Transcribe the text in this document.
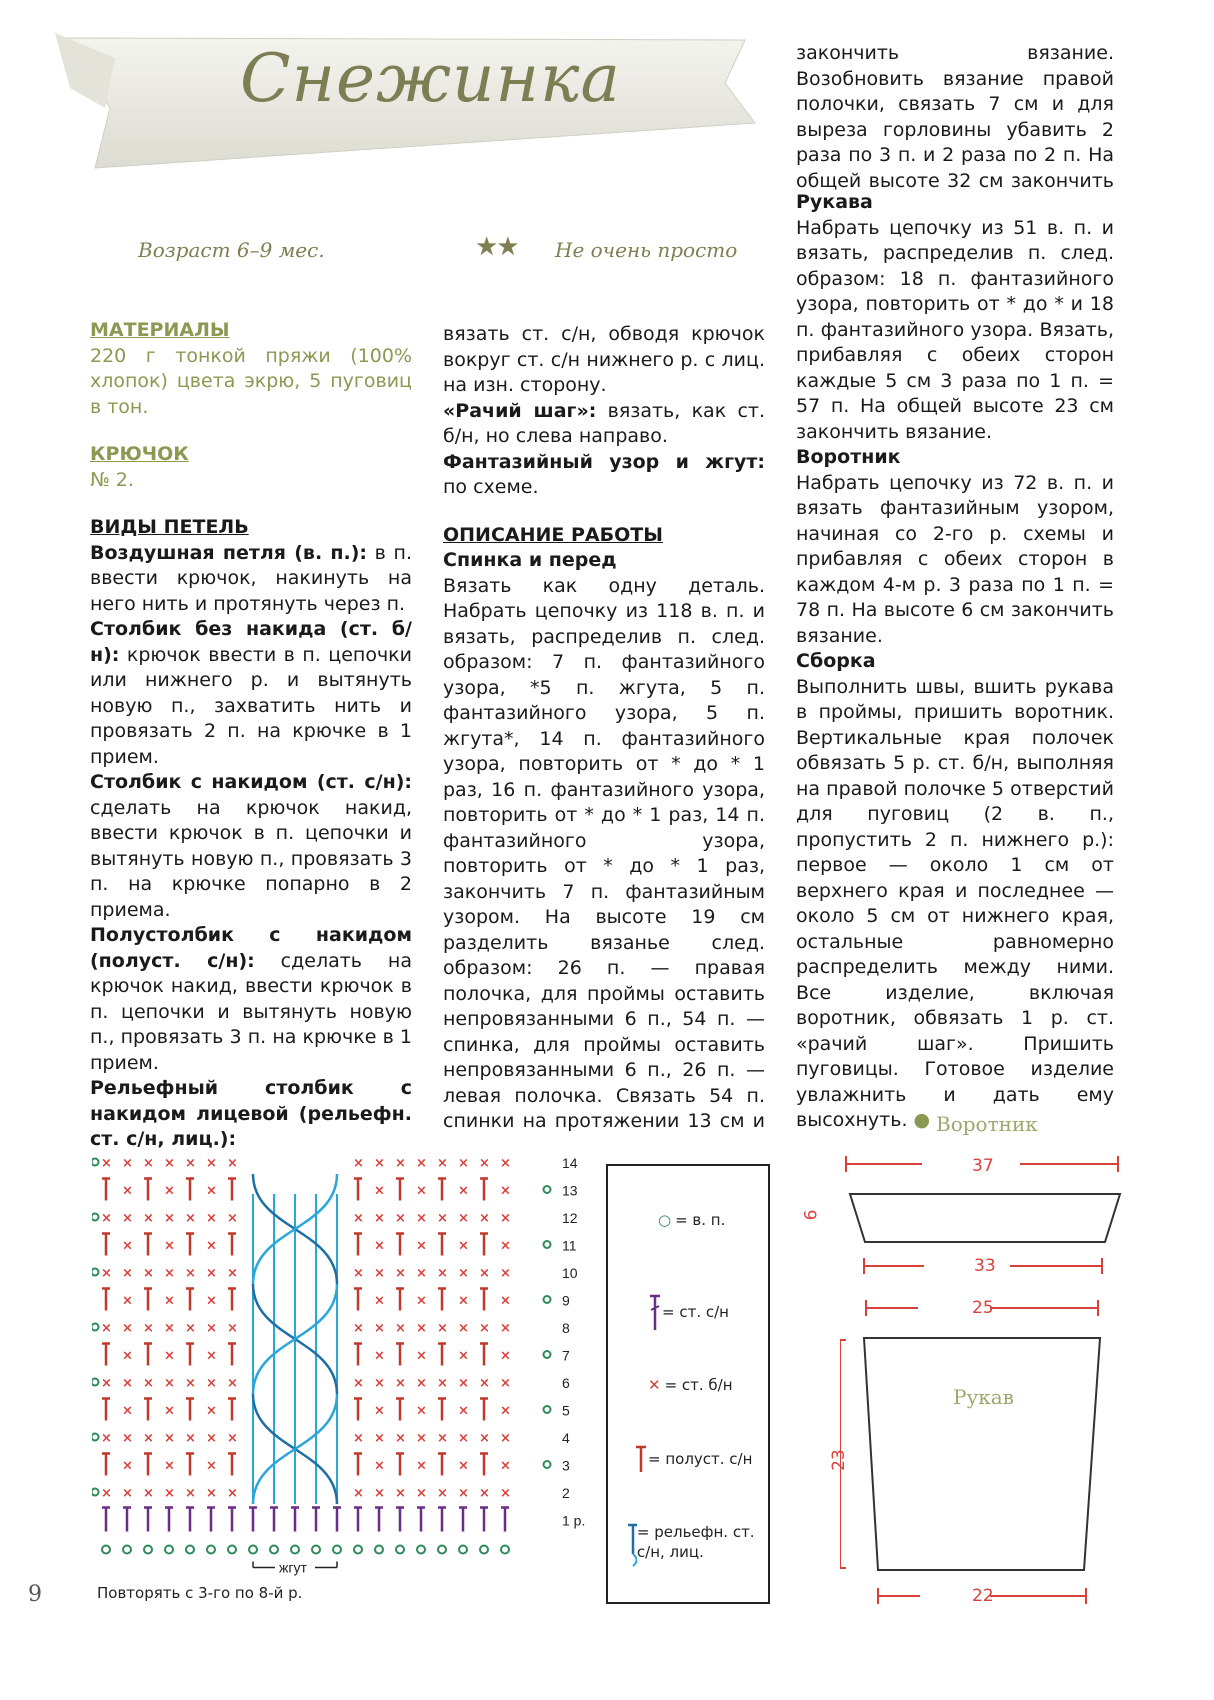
Снежинка
Возраст 6–9 мес.	★★ Не очень просто

МАТЕРИАЛЫ

220 г тонкой пряжи (100% хлопок) цвета экрю, 5 пуговиц в тон.

КРЮЧОК

№ 2.

ВИДЫ ПЕТЕЛЬ

Воздушная петля (в. п.): в п. ввести крючок, накинуть на него нить и протянуть через п.

Столбик без накида (ст. б/н): крючок ввести в п. цепочки или нижнего р. и вытянуть новую п., захватить нить и провязать 2 п. на крючке в 1 прием.

Столбик с накидом (ст. с/н): сделать на крючок накид, ввести крючок в п. цепочки и вытянуть новую п., провязать 3 п. на крючке попарно в 2 приема.

Полустолбик с накидом (полуст. с/н): сделать на крючок накид, ввести крючок в п. цепочки и вытянуть новую п., провязать 3 п. на крючке в 1 прием.

Рельефный столбик с накидом лицевой (рельефн. ст. с/н, лиц.):

вязать ст. с/н, обводя крючок вокруг ст. с/н нижнего р. с лиц. на изн. сторону.

«Рачий шаг»: вязать, как ст. б/н, но слева направо.

Фантазийный узор и жгут: по схеме.

ОПИСАНИЕ РАБОТЫ

Спинка и перед

Вязать как одну деталь. Набрать цепочку из 118 в. п. и вязать, распределив п. след. образом: 7 п. фантазийного узора, *5 п. жгута, 5 п. фантазийного узора, 5 п. жгута*, 14 п. фантазийного узора, повторить от * до * 1 раз, 16 п. фантазийного узора, повторить от * до * 1 раз, 14 п. фантазийного узора, повторить от * до * 1 раз, закончить 7 п. фантазийным узором. На высоте 19 см разделить вязанье след. образом: 26 п. — правая полочка, для проймы оставить непровязанными 6 п., 54 п. — спинка, для проймы оставить непровязанными 6 п., 26 п. — левая полочка. Связать 54 п. спинки на протяжении 13 см и

закончить вязание. Возобновить вязание правой полочки, связать 7 см и для выреза горловины убавить 2 раза по 3 п. и 2 раза по 2 п. На общей высоте 32 см закончить

Рукава

Набрать цепочку из 51 в. п. и вязать, распределив п. след. образом: 18 п. фантазийного узора, повторить от * до * и 18 п. фантазийного узора. Вязать, прибавляя с обеих сторон каждые 5 см 3 раза по 1 п. = 57 п. На общей высоте 23 см закончить вязание.

Воротник

Набрать цепочку из 72 в. п. и вязать фантазийным узором, начиная со 2-го р. схемы и прибавляя с обеих сторон в каждом 4-м р. 3 раза по 1 п. = 78 п. На высоте 6 см закончить вязание.

Сборка

Выполнить швы, вшить рукава в проймы, пришить воротник. Вертикальные края полочек обвязать 5 р. ст. б/н, выполняя на правой полочке 5 отверстий для пуговиц (2 в. п., пропустить 2 п. нижнего р.): первое — около 1 см от верхнего края и последнее — около 5 см от нижнего края, остальные равномерно распределить между ними. Все изделие, включая воротник, обвязать 1 р. ст. «рачий шаг». Пришить пуговицы. Готовое изделие увлажнить и дать ему высохнуть. ●

14
× × × × × × ×	× × × × × × × ×
13
× × ×	× × × ×
12
× × × × × × ×	× × × × × × × ×
11
× × ×	× × × ×
10
× × × × × × ×	× × × × × × × ×
9
× × ×	× × × ×
8
× × × × × × ×	× × × × × × × ×
7
× × ×	× × × ×
6
× × × × × × ×	× × × × × × × ×
5
× × ×	× × × ×
4
× × × × × × ×	× × × × × × × ×
3
× × ×	× × × ×
2
× × × × × × ×	× × × × × × × ×
1 р.
жгут
Повторять с 3-го по 8-й р.
○ = в. п.
= ст. с/н
✕ = ст. б/н
= полуст. с/н
= рельефн. ст. с/н, лиц.
Воротник
37
6
33
25
Рукав
23
22
9
